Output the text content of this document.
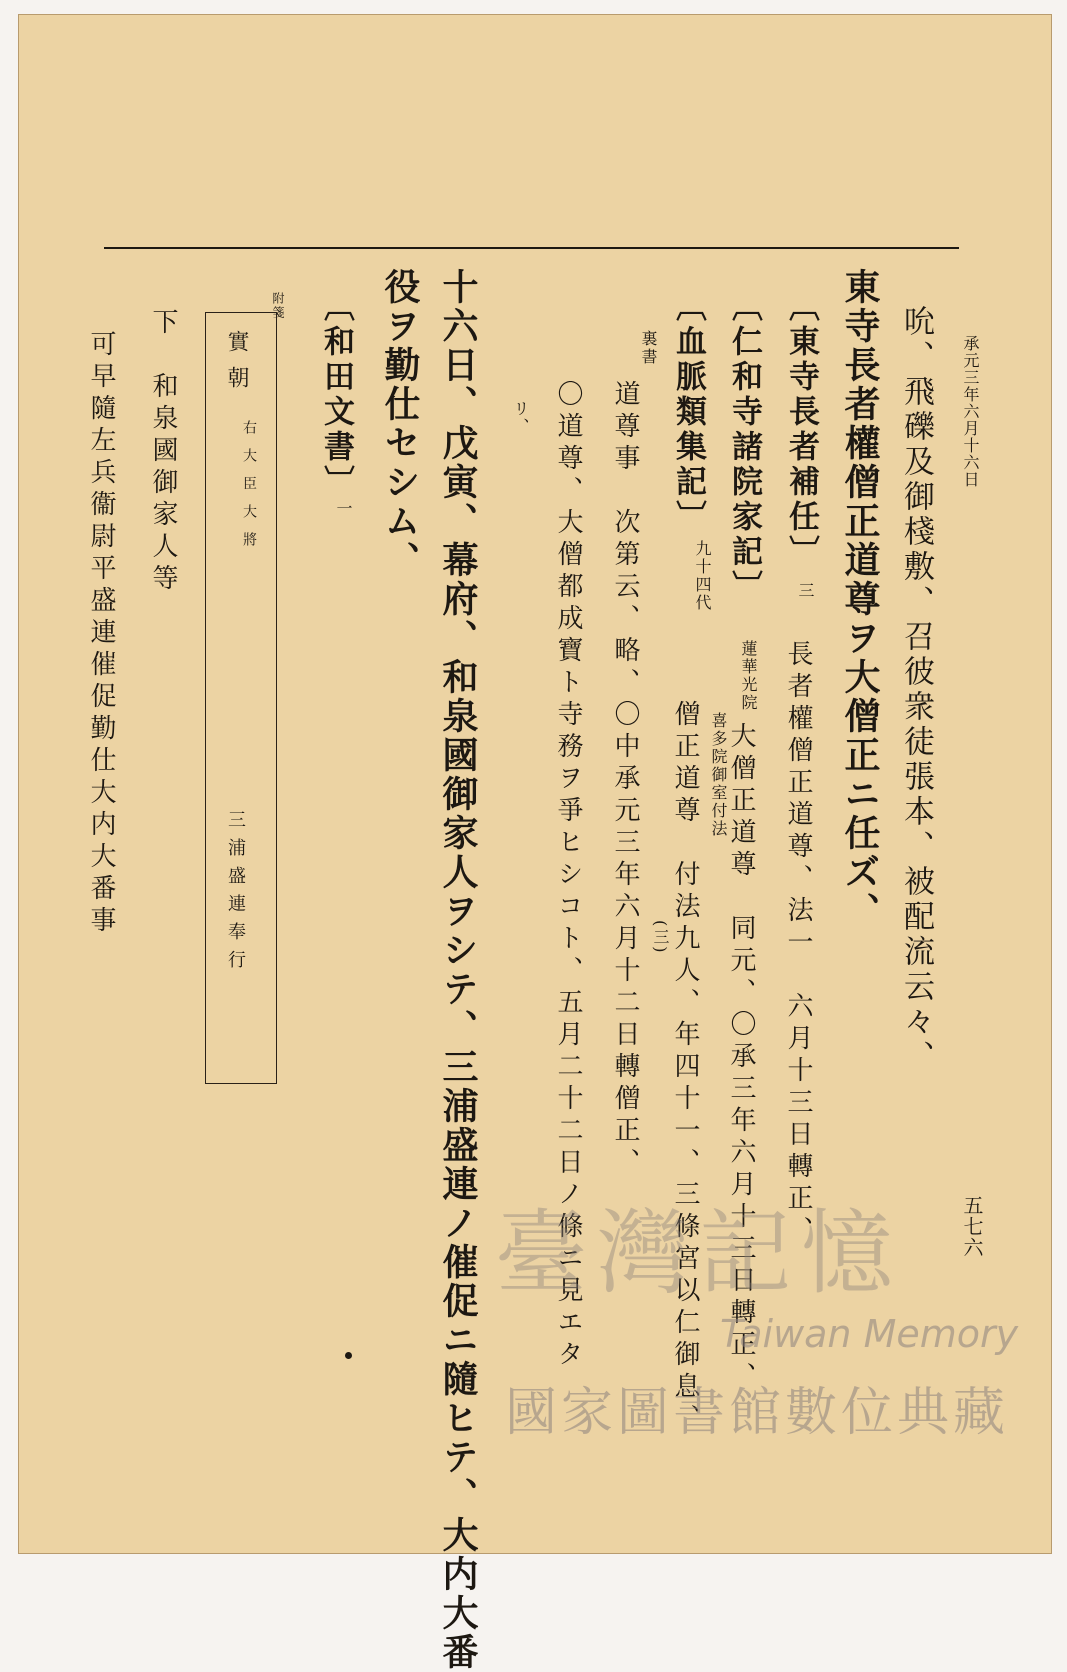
承元三年六月十六日
五七六
吮、飛礫及御棧敷、召彼衆徒張本、被配流云々、
東寺長者權僧正道尊ヲ大僧正ニ任ズ、
〔東寺長者補任〕
三
長者權僧正道尊、法一　六月十三日轉正、
〔仁和寺諸院家記〕
蓮華光院
大僧正道尊　同元、〇承三年六月十三日轉正、
〔血脈類集記〕
九十四代
僧正道尊　付法九人、年四十一、三條宮以仁御息、 喜多院御室付法
裏書
道尊事　次第云、略、〇中承元三年六月十二日轉僧正、 (三)
〇道尊、大僧都成寶ト寺務ヲ爭ヒシコト、五月二十二日ノ條ニ見エタ
リ、
十六日、戊寅、幕府、和泉國御家人ヲシテ、三浦盛連ノ催促ニ隨ヒテ、大内大番
役ヲ勤仕セシム、
〔和田文書〕
一
附箋
實朝
右大臣大將
三浦盛連奉行
下　和泉國御家人等
可早隨左兵衞尉平盛連催促勤仕大内大番事
臺灣記憶
Taiwan Memory
國家圖書館數位典藏
